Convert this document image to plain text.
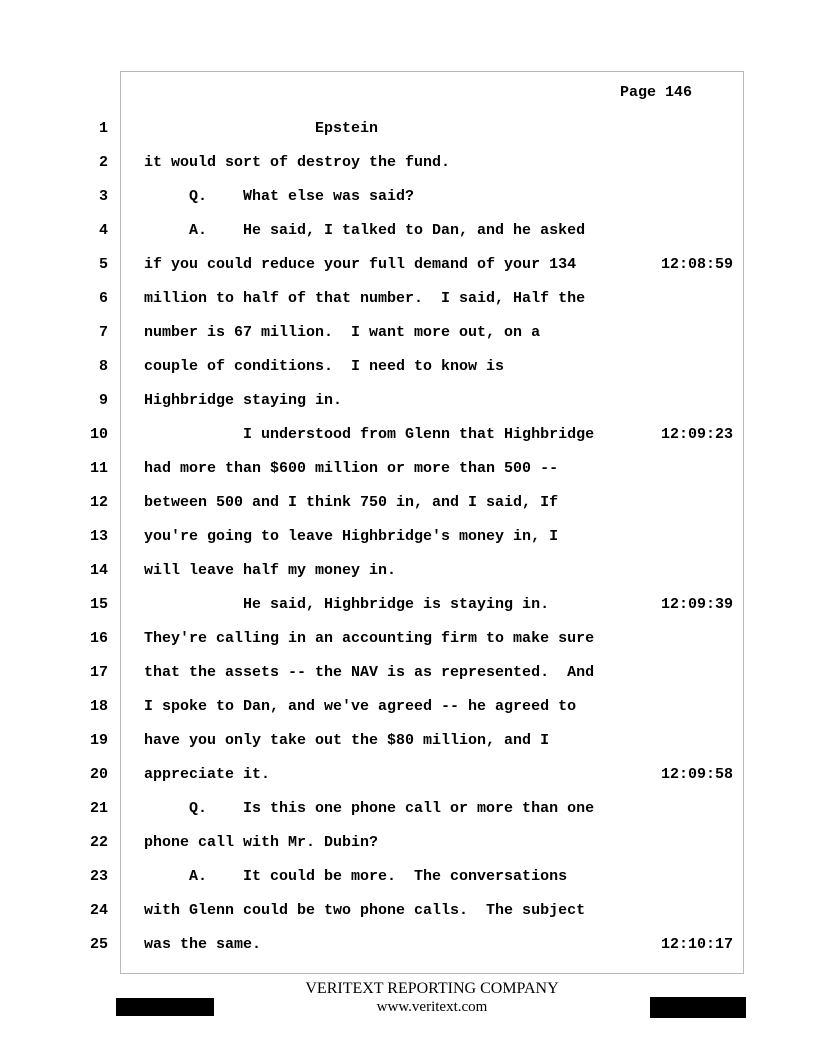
Page 146
1 Epstein
2 it would sort of destroy the fund.
3 Q.    What else was said?
4 A.    He said, I talked to Dan, and he asked
5 if you could reduce your full demand of your 134	12:08:59
6 million to half of that number.  I said, Half the
7 number is 67 million.  I want more out, on a
8 couple of conditions.  I need to know is
9 Highbridge staying in.
10 I understood from Glenn that Highbridge	12:09:23
11 had more than $600 million or more than 500 --
12 between 500 and I think 750 in, and I said, If
13 you're going to leave Highbridge's money in, I
14 will leave half my money in.
15 He said, Highbridge is staying in.	12:09:39
16 They're calling in an accounting firm to make sure
17 that the assets -- the NAV is as represented.  And
18 I spoke to Dan, and we've agreed -- he agreed to
19 have you only take out the $80 million, and I
20 appreciate it.	12:09:58
21 Q.    Is this one phone call or more than one
22 phone call with Mr. Dubin?
23 A.    It could be more.  The conversations
24 with Glenn could be two phone calls.  The subject
25 was the same.	12:10:17
VERITEXT REPORTING COMPANY
www.veritext.com
